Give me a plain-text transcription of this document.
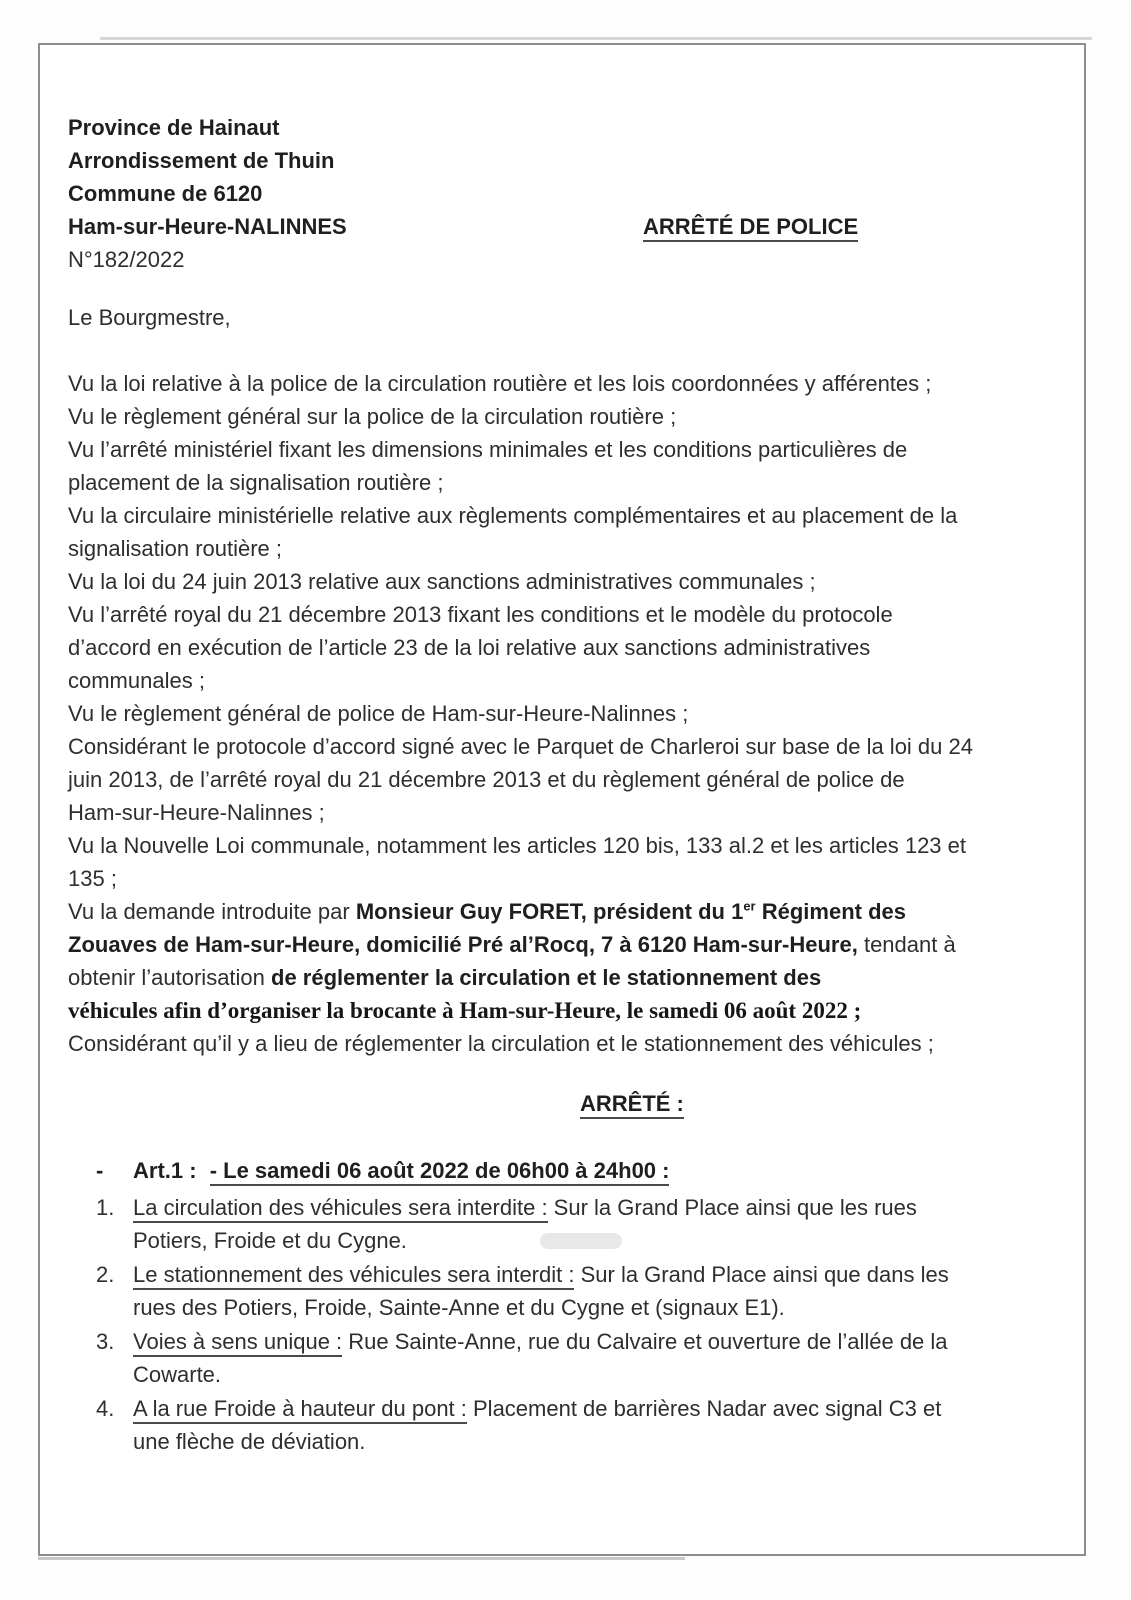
Province de Hainaut
Arrondissement de Thuin
Commune de 6120
Ham-sur-Heure-NALINNES
N°182/2022
ARRÊTÉ DE POLICE
Le Bourgmestre,
Vu la loi relative à la police de la circulation routière et les lois coordonnées y afférentes ;
Vu le règlement général sur la police de la circulation routière ;
Vu l’arrêté ministériel fixant les dimensions minimales et les conditions particulières de
placement de la signalisation routière ;
Vu la circulaire ministérielle relative aux règlements complémentaires et au placement de la
signalisation routière ;
Vu la loi du 24 juin 2013 relative aux sanctions administratives communales ;
Vu l’arrêté royal du 21 décembre 2013 fixant les conditions et le modèle du protocole
d’accord en exécution de l’article 23 de la loi relative aux sanctions administratives
communales ;
Vu le règlement général de police de Ham-sur-Heure-Nalinnes ;
Considérant le protocole d’accord signé avec le Parquet de Charleroi sur base de la loi du 24
juin 2013, de l’arrêté royal du 21 décembre 2013 et du règlement général de police de
Ham-sur-Heure-Nalinnes ;
Vu la Nouvelle Loi communale, notamment les articles 120 bis, 133 al.2 et les articles 123 et
135 ;
Vu la demande introduite par Monsieur Guy FORET, président du 1er Régiment des
Zouaves de Ham-sur-Heure, domicilié Pré al’Rocq, 7 à 6120 Ham-sur-Heure, tendant à
obtenir l’autorisation de réglementer la circulation et le stationnement des
véhicules afin d’organiser la brocante à Ham-sur-Heure, le samedi 06 août 2022 ;
Considérant qu’il y a lieu de réglementer la circulation et le stationnement des véhicules ;
ARRÊTÉ :
- Art.1 : - Le samedi 06 août 2022 de 06h00 à 24h00 :
1. La circulation des véhicules sera interdite : Sur la Grand Place ainsi que les rues
Potiers, Froide et du Cygne.
2. Le stationnement des véhicules sera interdit : Sur la Grand Place ainsi que dans les
rues des Potiers, Froide, Sainte-Anne et du Cygne et (signaux E1).
3. Voies à sens unique : Rue Sainte-Anne, rue du Calvaire et ouverture de l’allée de la
Cowarte.
4. A la rue Froide à hauteur du pont : Placement de barrières Nadar avec signal C3 et
une flèche de déviation.
